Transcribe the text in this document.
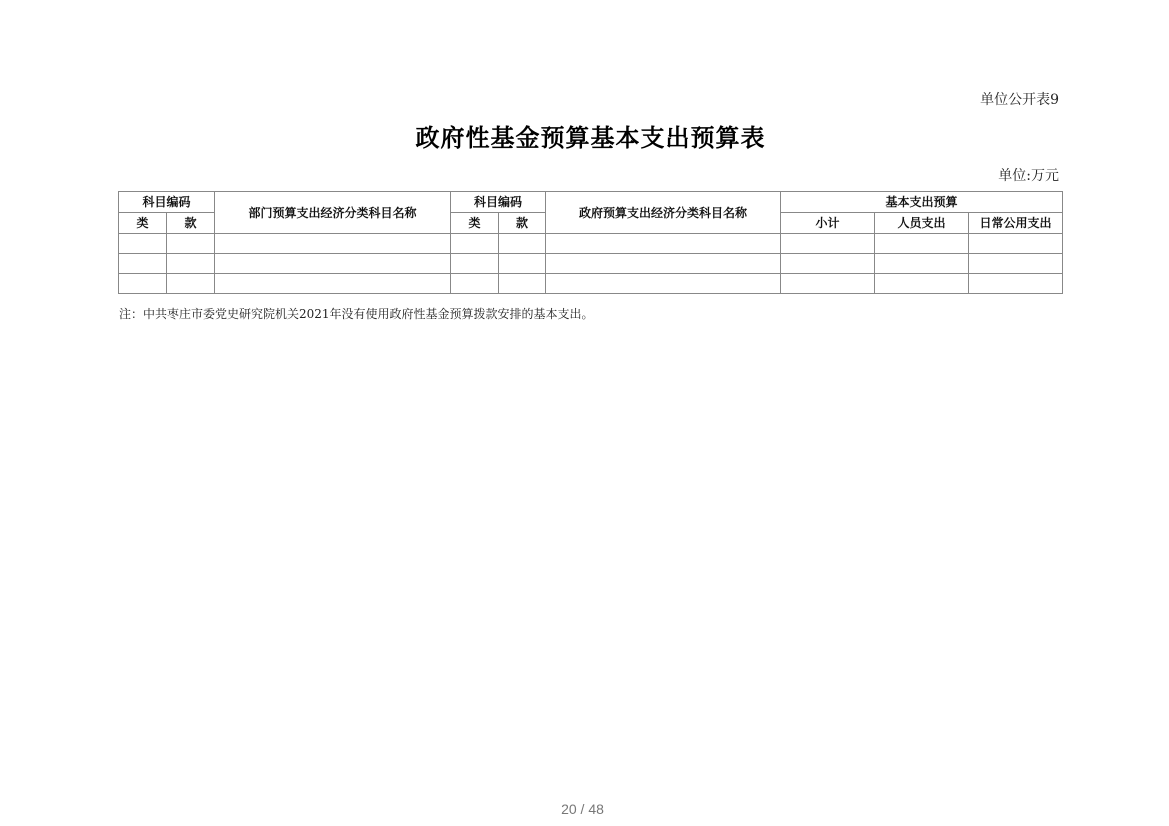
单位公开表9
政府性基金预算基本支出预算表
单位:万元
科目编码		部门预算支出经济分类科目名称	科目编码		政府预算支出经济分类科目名称	基本支出预算		
类	款		类	款		小计	人员支出	日常公用支出

注：中共枣庄市委党史研究院机关2021年没有使用政府性基金预算拨款安排的基本支出。
20 / 48
